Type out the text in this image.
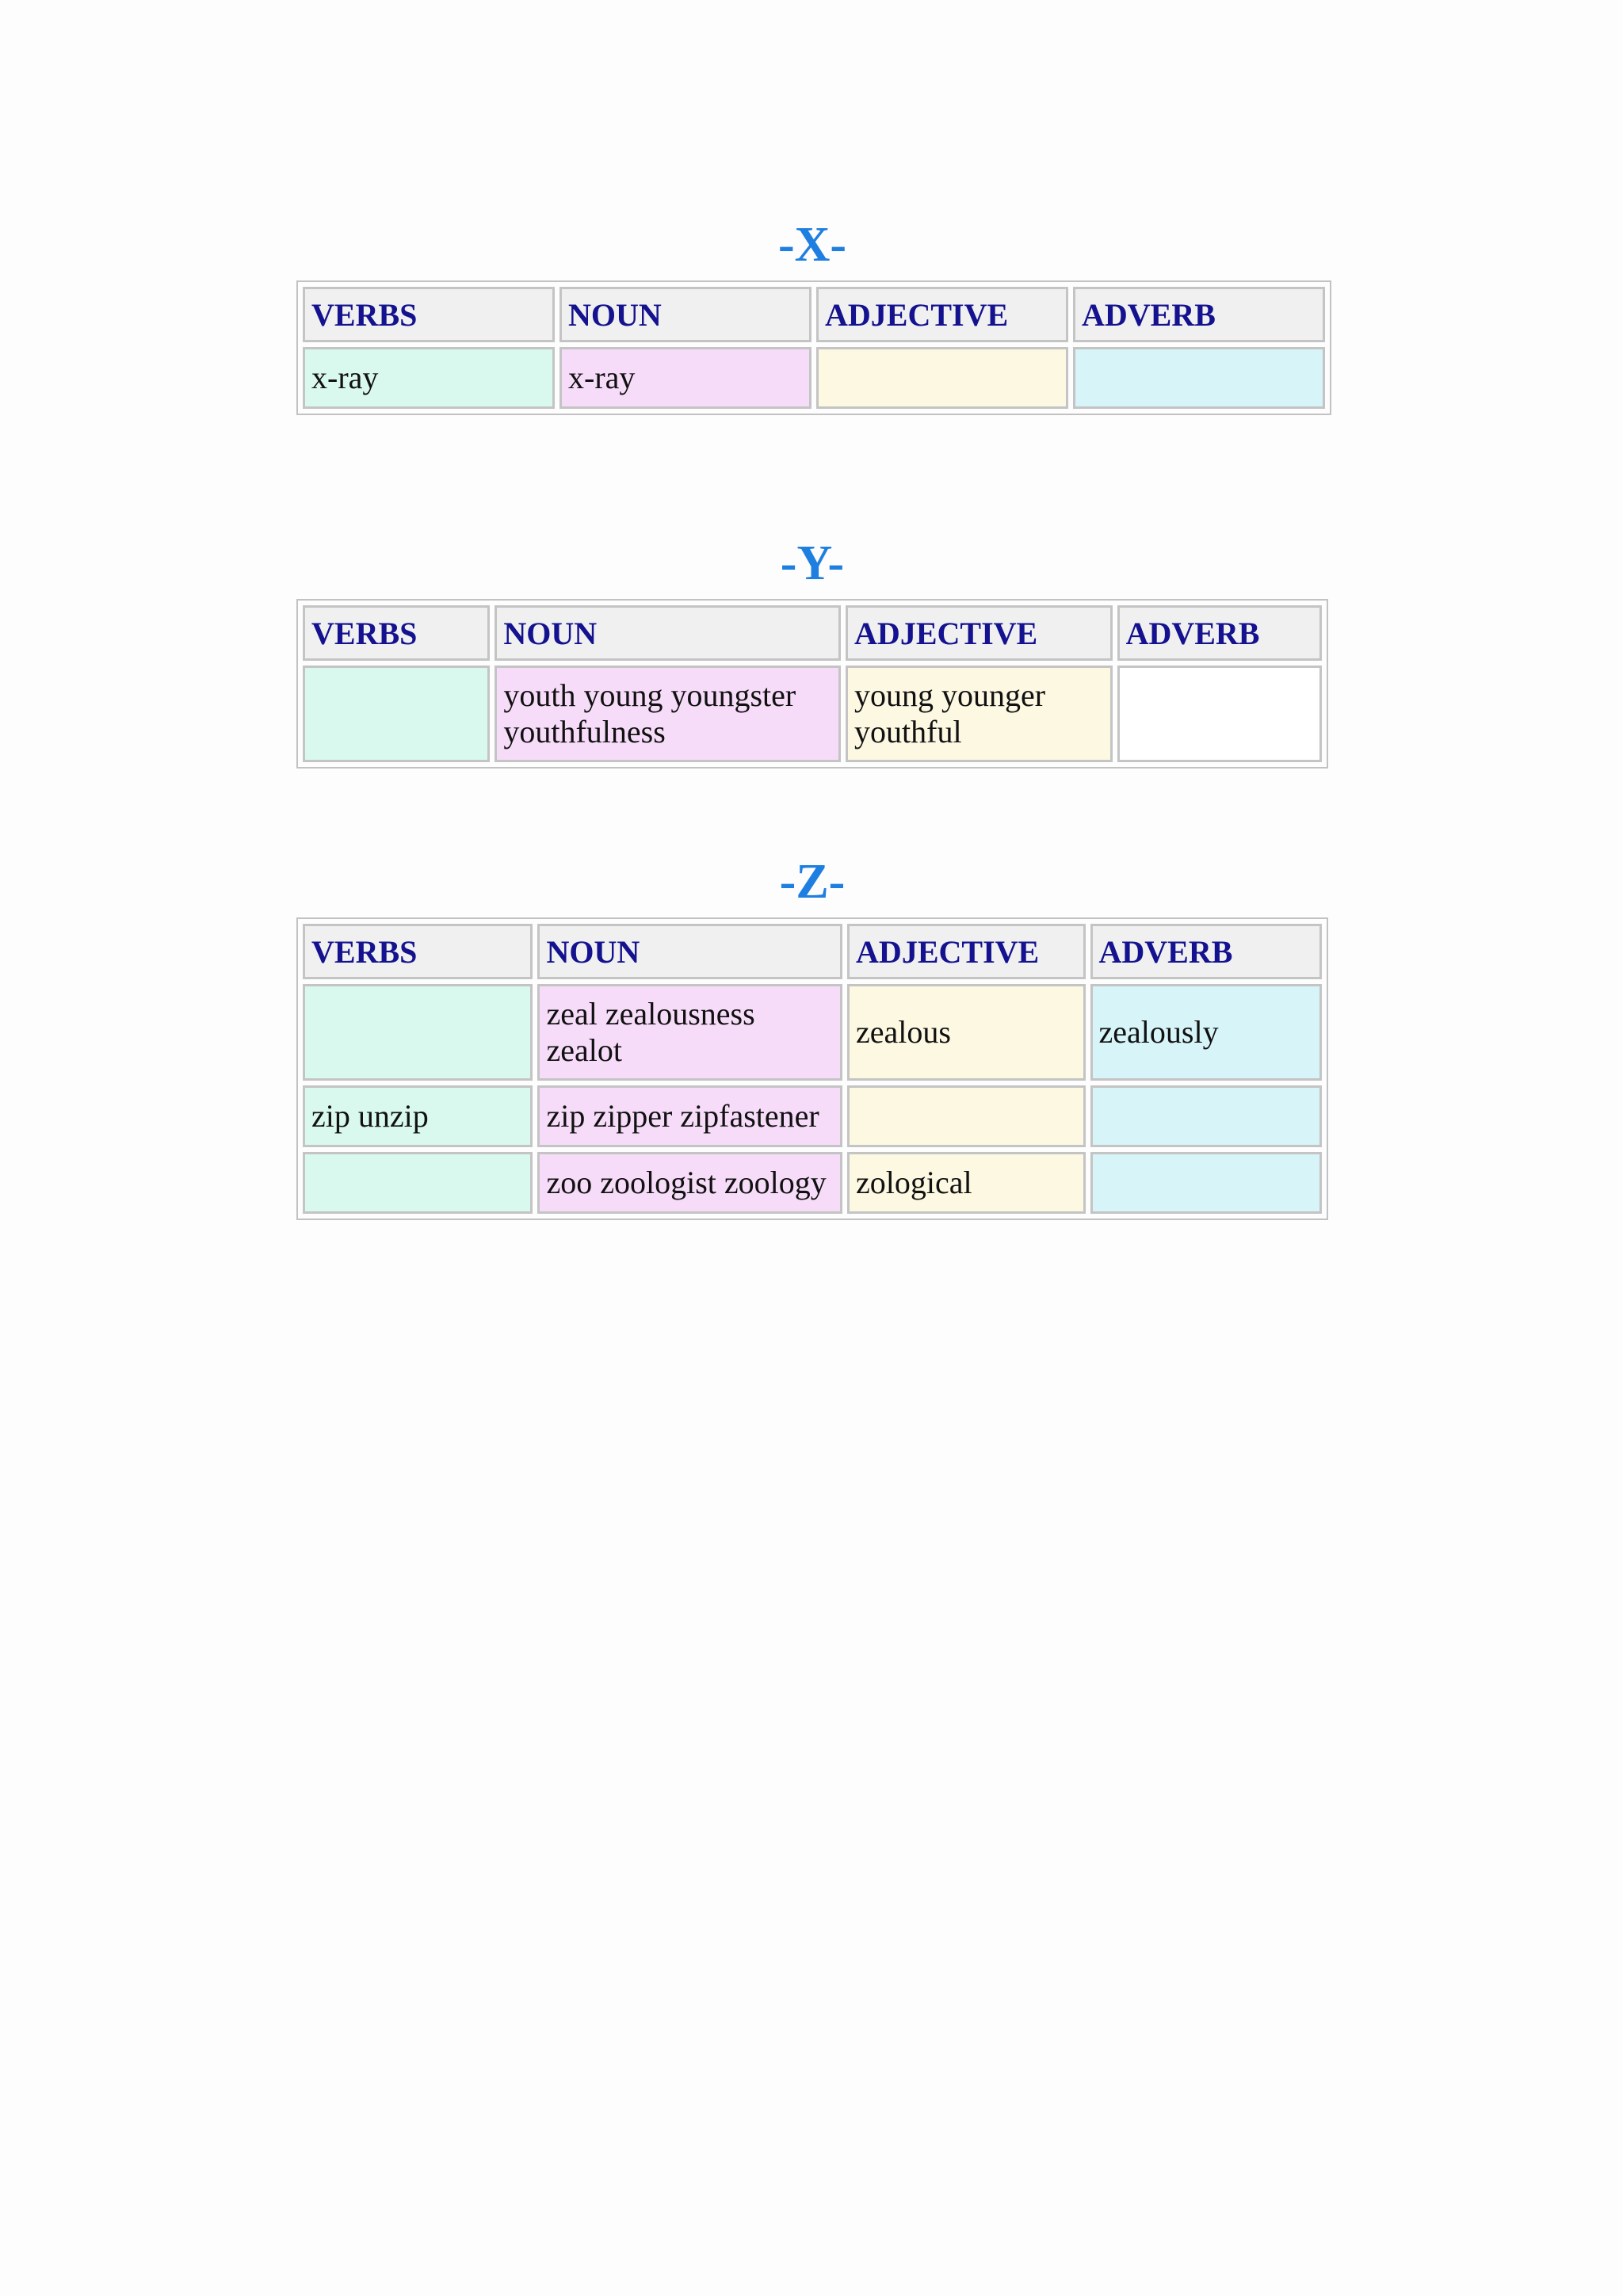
-X-
VERBS	NOUN	ADJECTIVE	ADVERB
x-ray	x-ray		
-Y-
VERBS	NOUN	ADJECTIVE	ADVERB
	youth young youngster youthfulness	young younger youthful	
-Z-
VERBS	NOUN	ADJECTIVE	ADVERB
	zeal zealousness zealot	zealous	zealously
zip unzip	zip zipper zipfastener		
	zoo zoologist zoology	zological	
